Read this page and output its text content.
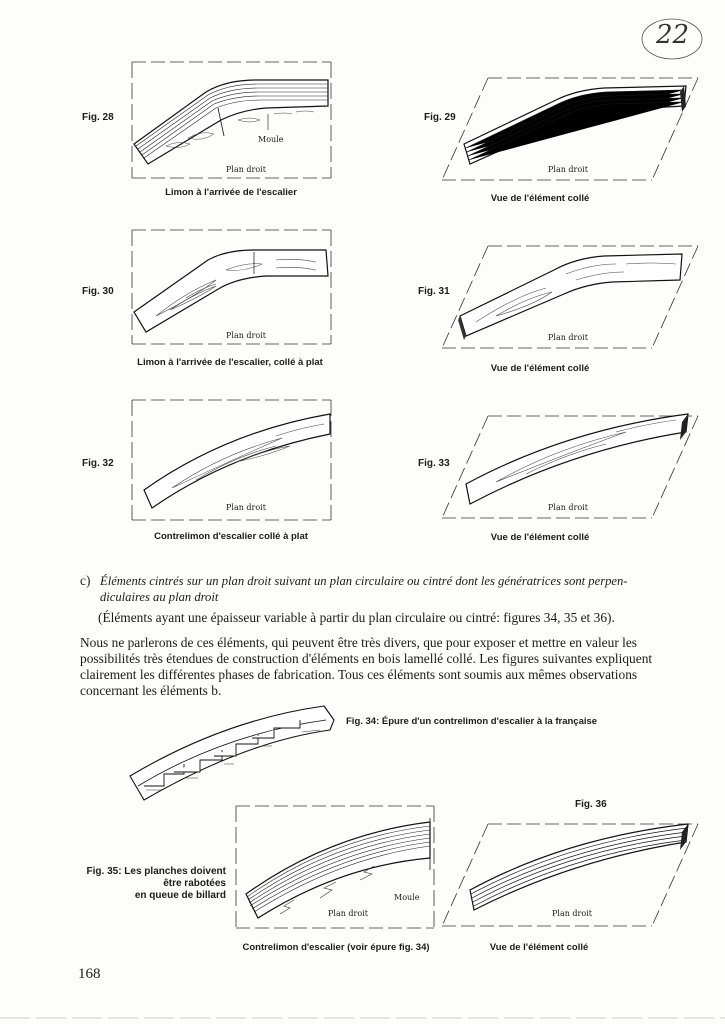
22
Fig. 28
Moule
Plan droit
Limon à l'arrivée de l'escalier
Fig. 29
Plan droit
Vue de l'élément collé
Fig. 30
Plan droit
Limon à l'arrivée de l'escalier, collé à plat
Fig. 31
Plan droit
Vue de l'élément collé
Fig. 32
Plan droit
Contrelimon d'escalier collé à plat
Fig. 33
Plan droit
Vue de l'élément collé
c) Éléments cintrés sur un plan droit suivant un plan circulaire ou cintré dont les génératrices sont perpen-
diculaires au plan droit
(Éléments ayant une épaisseur variable à partir du plan circulaire ou cintré: figures 34, 35 et 36).
Nous ne parlerons de ces éléments, qui peuvent être très divers, que pour exposer et mettre en valeur les
possibilités très étendues de construction d'éléments en bois lamellé collé. Les figures suivantes expliquent
clairement les différentes phases de fabrication. Tous ces éléments sont soumis aux mêmes observations
concernant les éléments b.
Fig. 34: Épure d'un contrelimon d'escalier à la française
Fig. 35: Les planches doivent
être rabotées
en queue de billard	Moule
Plan droit
Contrelimon d'escalier (voir épure fig. 34)
Fig. 36
Plan droit
Vue de l'élément collé
168
